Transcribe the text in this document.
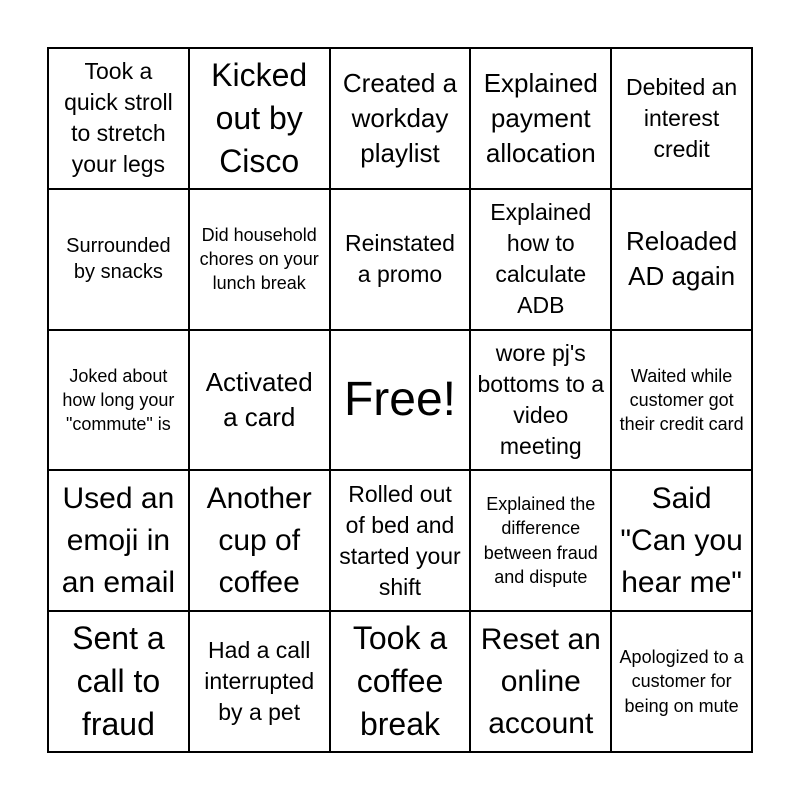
Took a quick stroll to stretch your legs
Kicked out by Cisco
Created a workday playlist
Explained payment allocation
Debited an interest credit
Surrounded by snacks
Did household chores on your lunch break
Reinstated a promo
Explained how to calculate ADB
Reloaded AD again
Joked about how long your "commute" is
Activated a card	Free!
wore pj's bottoms to a video meeting
Waited while customer got their credit card
Used an emoji in an email
Another cup of coffee
Rolled out of bed and started your shift
Explained the difference between fraud and dispute
Said "Can you hear me"
Sent a call to fraud
Had a call interrupted by a pet
Took a coffee break
Reset an online account
Apologized to a customer for being on mute
